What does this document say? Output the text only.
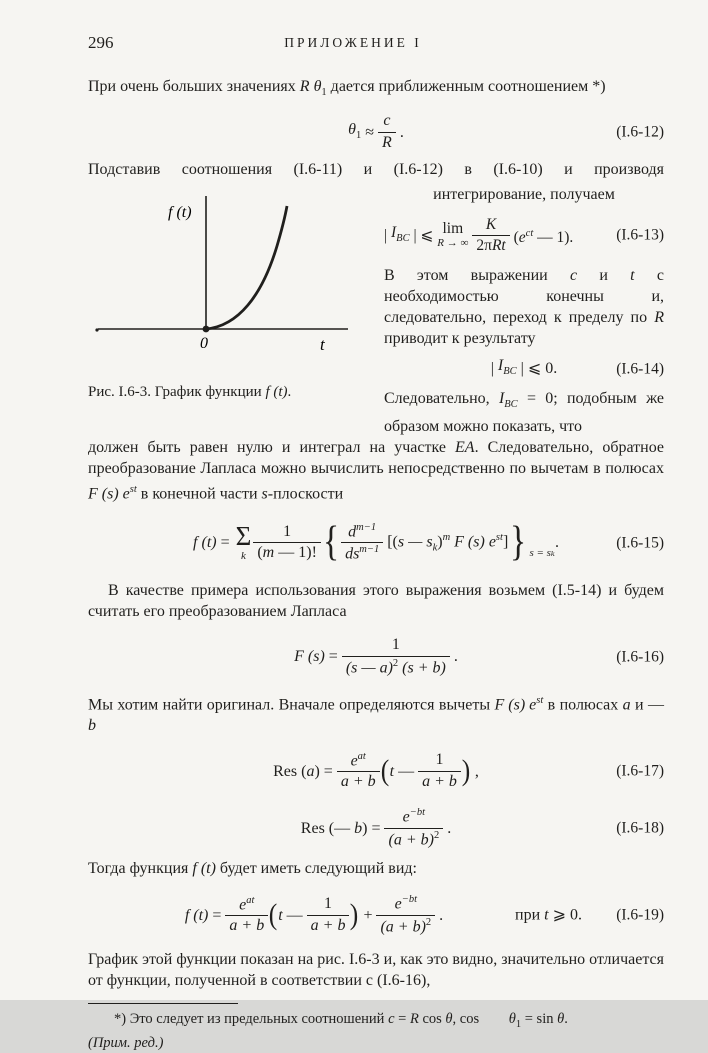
296	ПРИЛОЖЕНИЕ I

При очень больших значениях R $\theta_1$ дается приближенным соотношением *)

$\theta_1 \approx \frac{c}{R}$ .	(I.6-12)

Подставив соотношения (I.6-11) и (I.6-12) в (I.6-10) и производя

f (t)
0	t
Рис. I.6-3. График функции f (t).
интегрирование, получаем
| $I_{BC}$ | ⩽ lim
R → ∞ $\frac{K}{\text{2πRt}} (e^{ct}$ — 1).	(I.6-13)

В этом выражении c и t с необходимостью конечны и, следовательно, переход к пределу по R приводит к результату

| $I_{BC}$ | ⩽ 0.	(I.6-14)

Следовательно, $I_{BC} = 0$; подобным же образом можно показать, что

должен быть равен нулю и интеграл на участке EA. Следовательно, обратное преобразование Лапласа можно вычислить непосредственно по вычетам в полюсах F (s) $e^{st}$ в конечной части s-плоскости

f (t) = Σ
k $\frac{1}{(m — 1)!}$ { $\frac{d^{m-1}}{ds^{m-1}} [(s$ — $s_k)^m$ F (s) $e^{st}$] } s = sₖ
.	(I.6-15)

В качестве примера использования этого выражения возьмем (I.5-14) и будем считать его преобразованием Лапласа

F $(s) = \frac{1}{(s — a)^2 (s + b)}$ .	(I.6-16)

Мы хотим найти оригинал. Вначале определяются вычеты F (s) $e^{st}$ в полюсах a и — b

Res ( a ) = $\frac{e^{at}}{a + b}$ ( t — $\frac{1}{a + b}$ ) ,	(I.6-17)
Res (— b ) = $\frac{e^{-bt}}{(a + b)^2}$ .	(I.6-18)

Тогда функция f (t) будет иметь следующий вид:

f $(t) = \frac{e^{at}}{a + b}$ ( t — $\frac{1}{a + b}$ ) + $\frac{e^{-bt}}{(a + b)^2}$ .	при t ⩾ 0. (I.6-19)

График этой функции показан на рис. I.6-3 и, как это видно, значительно отличается от функции, полученной в соответствии с (I.6-16),

*) Это следует из предельных соотношений c = R cos θ, $\cos \theta_1 = \sin \theta$.
(Прим. ред.)
